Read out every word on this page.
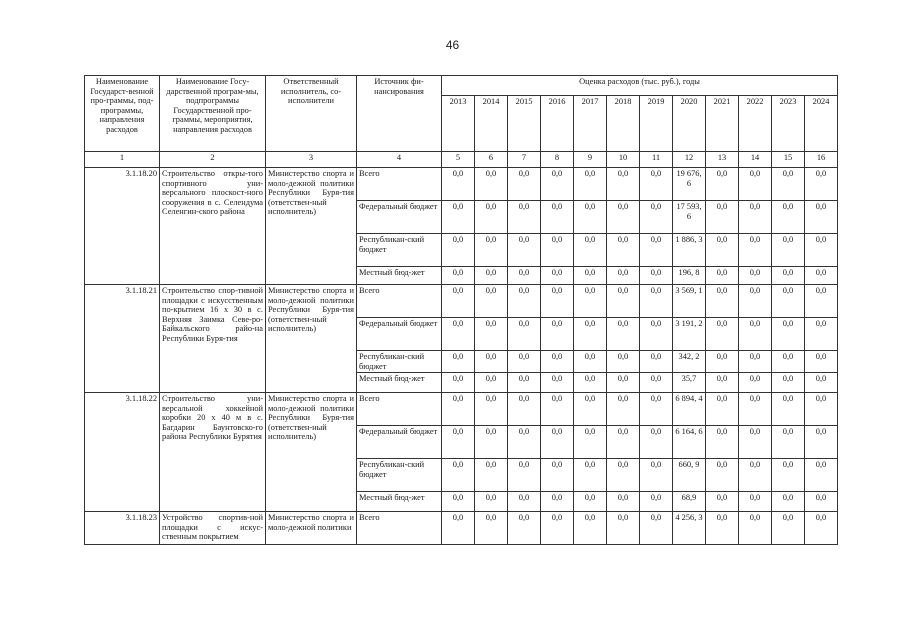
46
Наименование Государст-венной про-граммы, под-программы, направления расходов	Наименование Госу-дарственной програм-мы, подпрограммы Государственной про-граммы, мероприятия, направления расходов	Ответственный исполнитель, со-исполнители	Источник фи-нансирования	Оценка расходов (тыс. руб.), годы											
				2013	2014	2015	2016	2017	2018	2019	2020	2021	2022	2023	2024
1	2	3	4	5	6	7	8	9	10	11	12	13	14	15	16
3.1.18.20	Строительство откры-того спортивного уни-версального плоскост-ного сооружения в с. Селендума Селенгин-ского района	Министерство спорта и моло-дежной политики Республики Буря-тия (ответствен-ный исполнитель)	Всего	0,0	0,0	0,0	0,0	0,0	0,0	0,0	19 676, 6	0,0	0,0	0,0	0,0
			Федеральный бюджет	0,0	0,0	0,0	0,0	0,0	0,0	0,0	17 593, 6	0,0	0,0	0,0	0,0
			Республикан-ский бюджет	0,0	0,0	0,0	0,0	0,0	0,0	0,0	1 886, 3	0,0	0,0	0,0	0,0
			Местный бюд-жет	0,0	0,0	0,0	0,0	0,0	0,0	0,0	196, 8	0,0	0,0	0,0	0,0
3.1.18.21	Строительство спор-тивной площадки с искусственным по-крытием 16 х 30 в с. Верхняя Заимка Севе-ро-Байкальского райо-на Республики Буря-тия	Министерство спорта и моло-дежной политики Республики Буря-тия (ответствен-ный исполнитель)	Всего	0,0	0,0	0,0	0,0	0,0	0,0	0,0	3 569, 1	0,0	0,0	0,0	0,0
			Федеральный бюджет	0,0	0,0	0,0	0,0	0,0	0,0	0,0	3 191, 2	0,0	0,0	0,0	0,0
			Республикан-ский бюджет	0,0	0,0	0,0	0,0	0,0	0,0	0,0	342, 2	0,0	0,0	0,0	0,0
			Местный бюд-жет	0,0	0,0	0,0	0,0	0,0	0,0	0,0	35,7	0,0	0,0	0,0	0,0
3.1.18.22	Строительство уни-версальной хоккейной коробки 20 х 40 м в с. Багдарин Баунтовско-го района Республики Бурятия	Министерство спорта и моло-дежной политики Республики Буря-тия (ответствен-ный исполнитель)	Всего	0,0	0,0	0,0	0,0	0,0	0,0	0,0	6 894, 4	0,0	0,0	0,0	0,0
			Федеральный бюджет	0,0	0,0	0,0	0,0	0,0	0,0	0,0	6 164, 6	0,0	0,0	0,0	0,0
			Республикан-ский бюджет	0,0	0,0	0,0	0,0	0,0	0,0	0,0	660, 9	0,0	0,0	0,0	0,0
			Местный бюд-жет	0,0	0,0	0,0	0,0	0,0	0,0	0,0	68,9	0,0	0,0	0,0	0,0
3.1.18.23	Устройство спортив-ной площадки с искус-ственным покрытием	Министерство спорта и моло-дежной политики	Всего	0,0	0,0	0,0	0,0	0,0	0,0	0,0	4 256, 3	0,0	0,0	0,0	0,0
